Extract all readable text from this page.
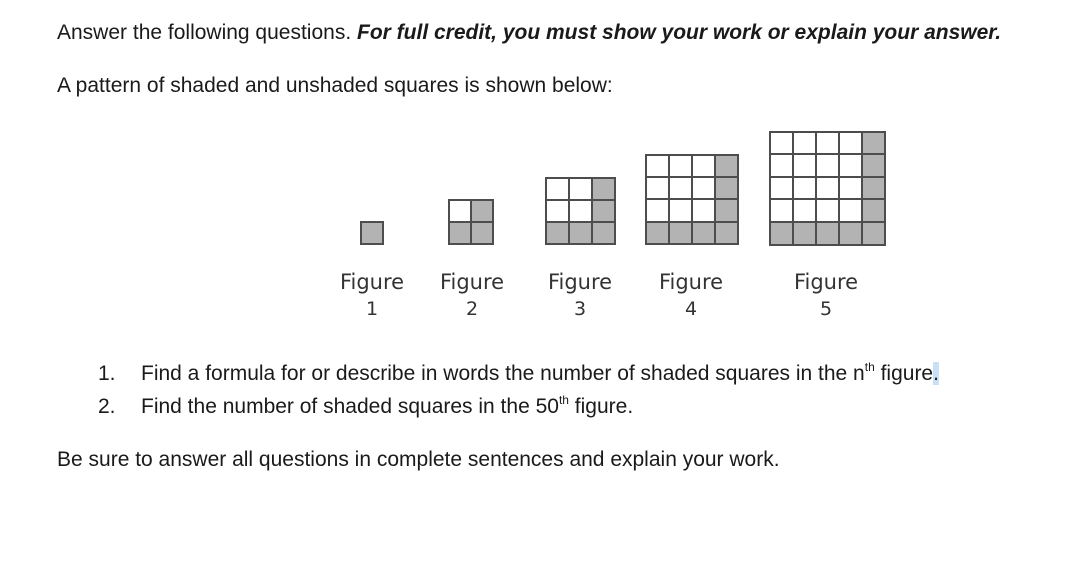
Answer the following questions. For full credit, you must show your work or explain your answer.
A pattern of shaded and unshaded squares is shown below:
Figure
1
Figure
2
Figure
3
Figure
4
Figure
5
1. Find a formula for or describe in words the number of shaded squares in the $n^{th}$ figure.
2. Find the number of shaded squares in the 50th figure.
Be sure to answer all questions in complete sentences and explain your work.
